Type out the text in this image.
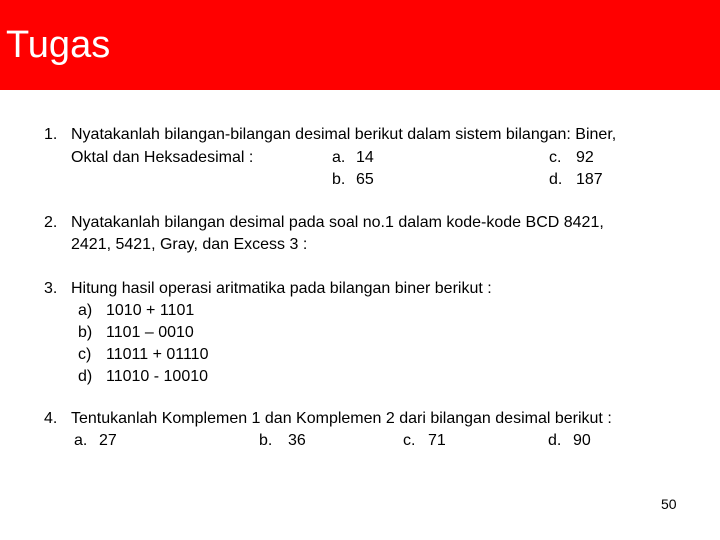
Tugas
1. Nyatakanlah bilangan-bilangan desimal berikut dalam sistem bilangan: Biner,
Oktal dan Heksadesimal :	a. 14	c. 92
b. 65	d. 187
2. Nyatakanlah bilangan desimal pada soal no.1 dalam kode-kode BCD 8421,
2421, 5421, Gray, dan Excess 3 :
3. Hitung hasil operasi aritmatika pada bilangan biner berikut :
a) 1010 + 1101
b) 1101 – 0010
c) 11011 + 01110
d) 11010 - 10010
4. Tentukanlah Komplemen 1 dan Komplemen 2 dari bilangan desimal berikut :
a. 27	b. 36	c. 71	d. 90
50
